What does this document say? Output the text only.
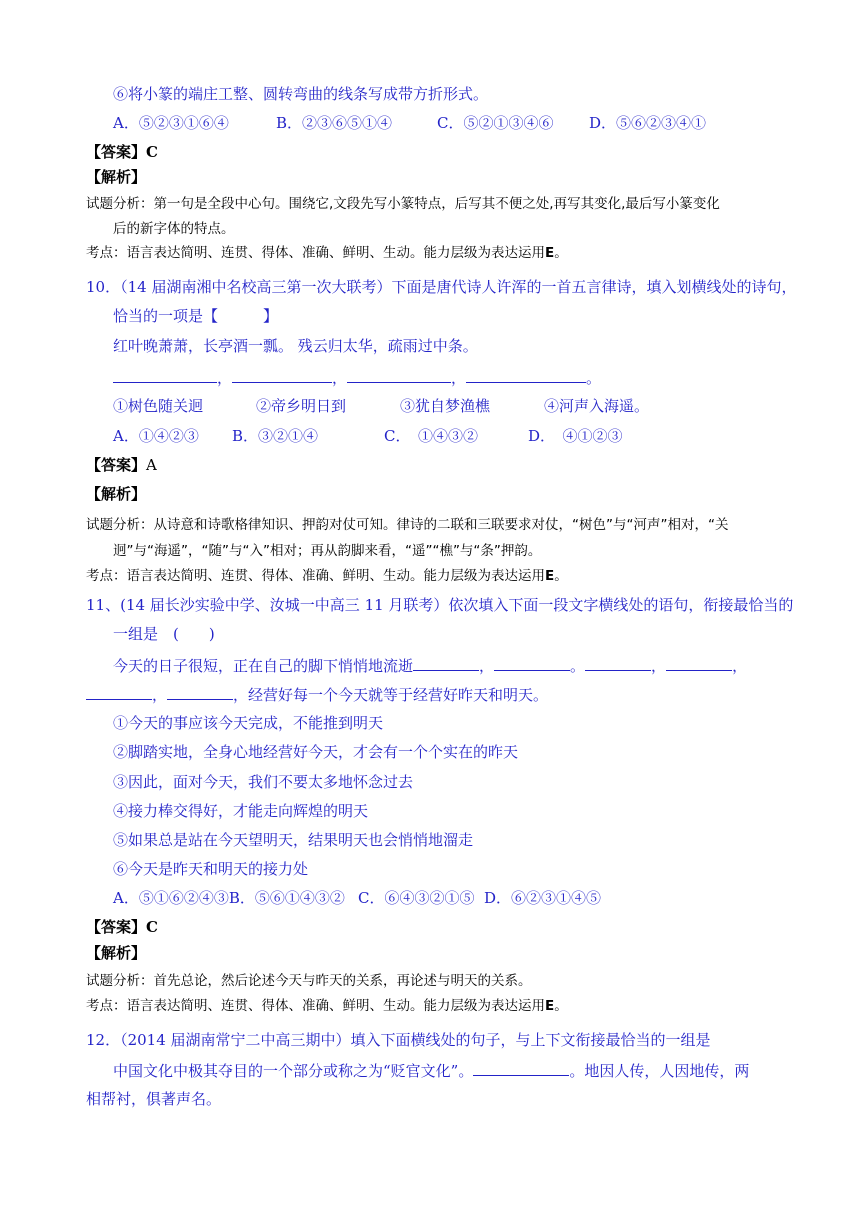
⑥将小篆的端庄工整、圆转弯曲的线条写成带方折形式。
A．⑤②③①⑥④	B．②③⑥⑤①④	C．⑤②①③④⑥ D．⑤⑥②③④①
【答案】C
【解析】
试题分析：第一句是全段中心句。围绕它,文段先写小篆特点，后写其不便之处,再写其变化,最后写小篆变化
后的新字体的特点。
考点：语言表达简明、连贯、得体、准确、鲜明、生动。能力层级为表达运用E。
10．（14 届湖南湘中名校高三第一次大联考）下面是唐代诗人许浑的一首五言律诗，填入划横线处的诗句，
恰当的一项是【　　　】
红叶晚萧萧，长亭酒一瓢。 残云归太华，疏雨过中条。
，	，	，	。
①树色随关迥	②帝乡明日到	③犹自梦渔樵	④河声入海遥。
A．①④②③ B．③②①④	C．　①④③②	D．　④①②③
【答案】A
【解析】
试题分析：从诗意和诗歌格律知识、押韵对仗可知。律诗的二联和三联要求对仗，“树色”与“河声”相对，“关
迥”与“海遥”，“随”与“入”相对；再从韵脚来看，“遥”“樵”与“条”押韵。
考点：语言表达简明、连贯、得体、准确、鲜明、生动。能力层级为表达运用E。
11、(14 届长沙实验中学、汝城一中高三 11 月联考）依次填入下面一段文字横线处的语句，衔接最恰当的
一组是　(　　)
今天的日子很短，正在自己的脚下悄悄地流逝	，	。	，	，
，	，经营好每一个今天就等于经营好昨天和明天。
①今天的事应该今天完成，不能推到明天
②脚踏实地，全身心地经营好今天，才会有一个个实在的昨天
③因此，面对今天，我们不要太多地怀念过去
④接力棒交得好，才能走向辉煌的明天
⑤如果总是站在今天望明天，结果明天也会悄悄地溜走
⑥今天是昨天和明天的接力处
A．⑤①⑥②④③B．⑤⑥①④③② C．⑥④③②①⑤ D．⑥②③①④⑤
【答案】C
【解析】
试题分析：首先总论，然后论述今天与昨天的关系，再论述与明天的关系。
考点：语言表达简明、连贯、得体、准确、鲜明、生动。能力层级为表达运用E。
12．（2014 届湖南常宁二中高三期中）填入下面横线处的句子，与上下文衔接最恰当的一组是
中国文化中极其夺目的一个部分或称之为“贬官文化”。	。地因人传，人因地传，两
相帮衬，俱著声名。
